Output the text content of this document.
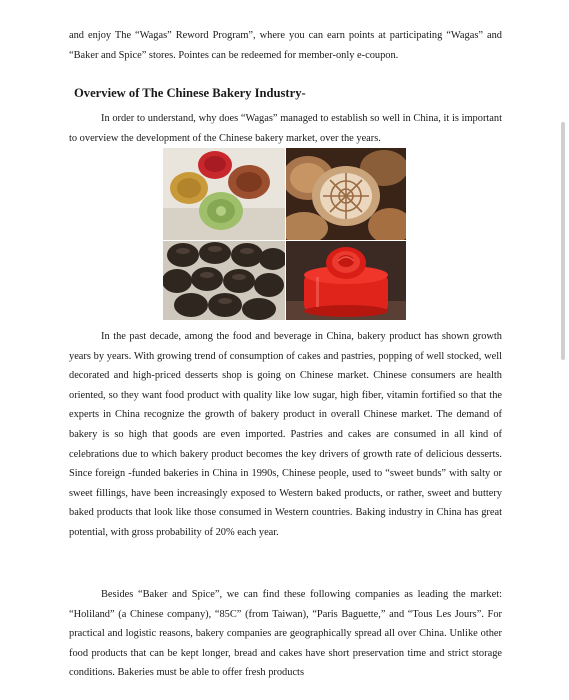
and enjoy The “Wagas” Reword Program”, where you can earn points at participating “Wagas” and “Baker and Spice” stores. Pointes can be redeemed for member-only e-coupon.

Overview of The Chinese Bakery Industry-

In order to understand, why does “Wagas” managed to establish so well in China, it is important to overview the development of the Chinese bakery market, over the years.

In the past decade, among the food and beverage in China, bakery product has shown growth years by years. With growing trend of consumption of cakes and pastries, popping of well stocked, well decorated and high-priced desserts shop is going on Chinese market. Chinese consumers are health oriented, so they want food product with quality like low sugar, high fiber, vitamin fortified so that the experts in China recognize the growth of bakery product in overall Chinese market. The demand of bakery is so high that goods are even imported. Pastries and cakes are consumed in all kind of celebrations due to which bakery product becomes the key drivers of growth rate of delicious desserts. Since foreign -funded bakeries in China in 1990s, Chinese people, used to “sweet bunds” with salty or sweet fillings, have been increasingly exposed to Western baked products, or rather, sweet and buttery baked products that look like those consumed in Western countries. Baking industry in China has great potential, with gross probability of 20% each year.

Besides “Baker and Spice”, we can find these following companies as leading the market: “Holiland” (a Chinese company), “85C” (from Taiwan), “Paris Baguette,” and “Tous Les Jours”. For practical and logistic reasons, bakery companies are geographically spread all over China. Unlike other food products that can be kept longer, bread and cakes have short preservation time and strict storage conditions. Bakeries must be able to offer fresh products
